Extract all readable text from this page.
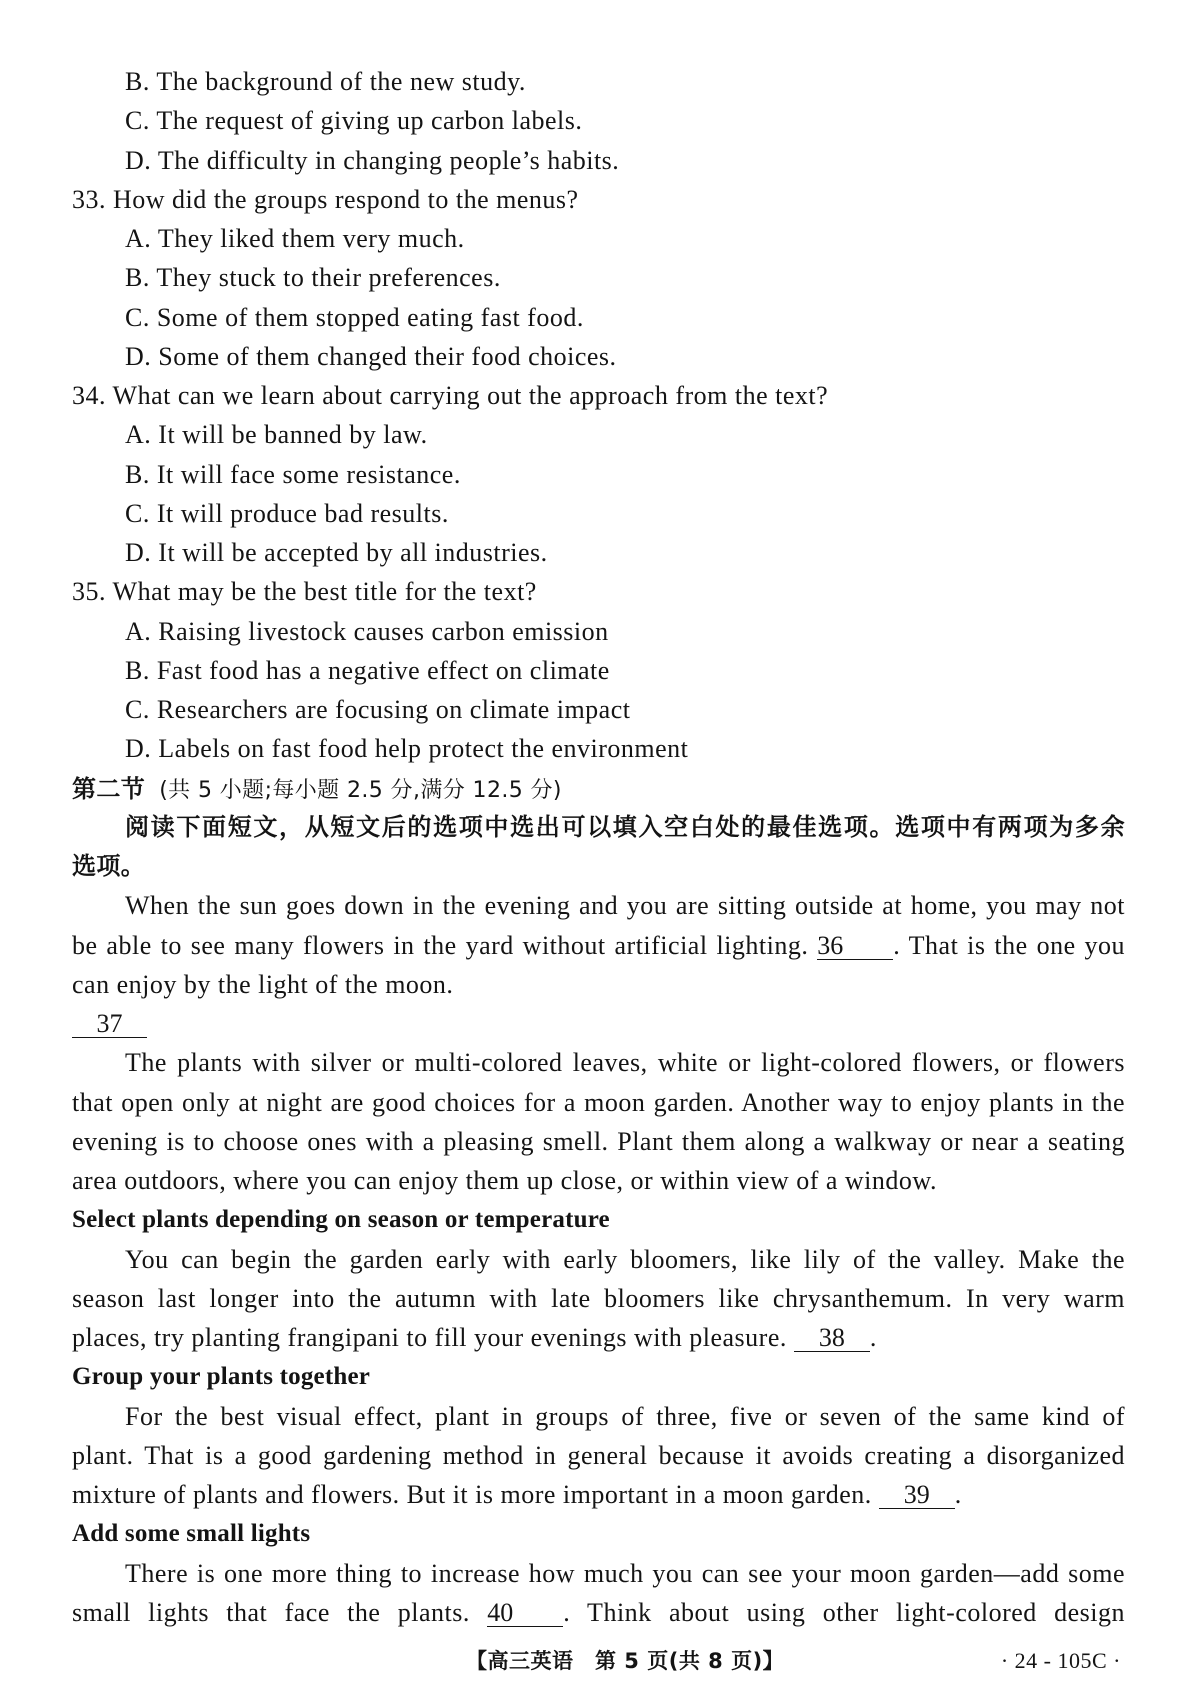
B. The background of the new study.
C. The request of giving up carbon labels.
D. The difficulty in changing people’s habits.
33. How did the groups respond to the menus?
A. They liked them very much.
B. They stuck to their preferences.
C. Some of them stopped eating fast food.
D. Some of them changed their food choices.
34. What can we learn about carrying out the approach from the text?
A. It will be banned by law.
B. It will face some resistance.
C. It will produce bad results.
D. It will be accepted by all industries.
35. What may be the best title for the text?
A. Raising livestock causes carbon emission
B. Fast food has a negative effect on climate
C. Researchers are focusing on climate impact
D. Labels on fast food help protect the environment
第二节 (共 5 小题;每小题 2.5 分,满分 12.5 分)
阅读下面短文，从短文后的选项中选出可以填入空白处的最佳选项。选项中有两项为多余
选项。
When the sun goes down in the evening and you are sitting outside at home, you may not
be able to see many flowers in the yard without artificial lighting. 36 . That is the one you
can enjoy by the light of the moon.
37
The plants with silver or multi-colored leaves, white or light-colored flowers, or flowers
that open only at night are good choices for a moon garden. Another way to enjoy plants in the
evening is to choose ones with a pleasing smell. Plant them along a walkway or near a seating
area outdoors, where you can enjoy them up close, or within view of a window.
Select plants depending on season or temperature
You can begin the garden early with early bloomers, like lily of the valley. Make the
season last longer into the autumn with late bloomers like chrysanthemum. In very warm
places, try planting frangipani to fill your evenings with pleasure. 38 .
Group your plants together
For the best visual effect, plant in groups of three, five or seven of the same kind of
plant. That is a good gardening method in general because it avoids creating a disorganized
mixture of plants and flowers. But it is more important in a moon garden. 39 .
Add some small lights
There is one more thing to increase how much you can see your moon garden—add some
small lights that face the plants. 40 . Think about using other light-colored design
【高三英语　第 5 页(共 8 页)】	· 24 - 105C ·
